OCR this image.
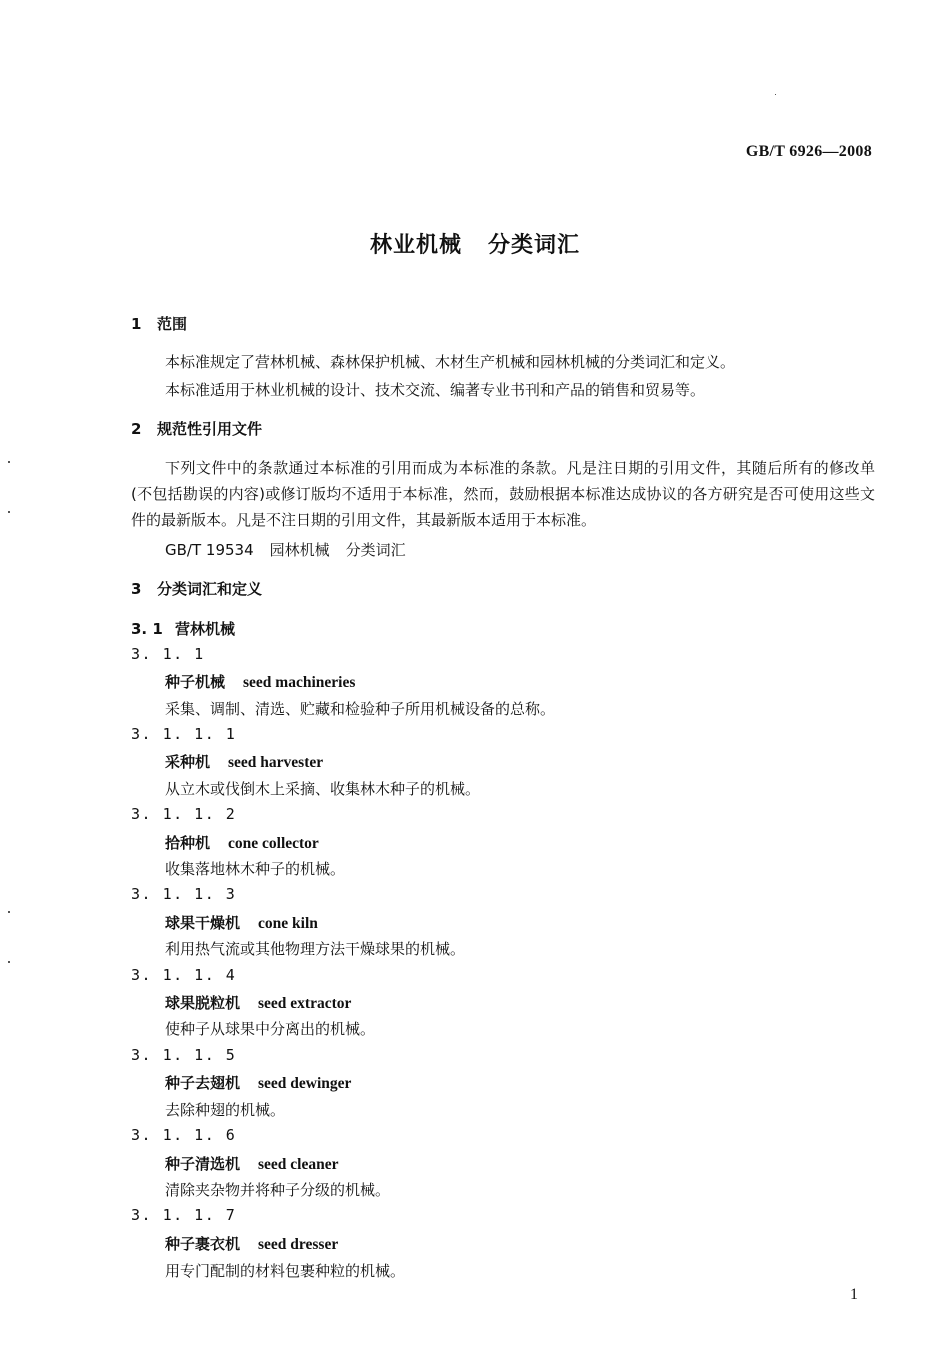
GB/T 6926—2008
林业机械 分类词汇
1 范围
本标准规定了营林机械、森林保护机械、木材生产机械和园林机械的分类词汇和定义。
本标准适用于林业机械的设计、技术交流、编著专业书刊和产品的销售和贸易等。
2 规范性引用文件
下列文件中的条款通过本标准的引用而成为本标准的条款。凡是注日期的引用文件，其随后所有的修改单(不包括勘误的内容)或修订版均不适用于本标准，然而，鼓励根据本标准达成协议的各方研究是否可使用这些文件的最新版本。凡是不注日期的引用文件，其最新版本适用于本标准。
GB/T 19534 园林机械 分类词汇
3 分类词汇和定义
3. 1 营林机械
3. 1. 1
种子机械 seed machineries
采集、调制、清选、贮藏和检验种子所用机械设备的总称。
3. 1. 1. 1
采种机 seed harvester
从立木或伐倒木上采摘、收集林木种子的机械。
3. 1. 1. 2
拾种机 cone collector
收集落地林木种子的机械。
3. 1. 1. 3
球果干燥机 cone kiln
利用热气流或其他物理方法干燥球果的机械。
3. 1. 1. 4
球果脱粒机 seed extractor
使种子从球果中分离出的机械。
3. 1. 1. 5
种子去翅机 seed dewinger
去除种翅的机械。
3. 1. 1. 6
种子清选机 seed cleaner
清除夹杂物并将种子分级的机械。
3. 1. 1. 7
种子裹衣机 seed dresser
用专门配制的材料包裹种粒的机械。
1
